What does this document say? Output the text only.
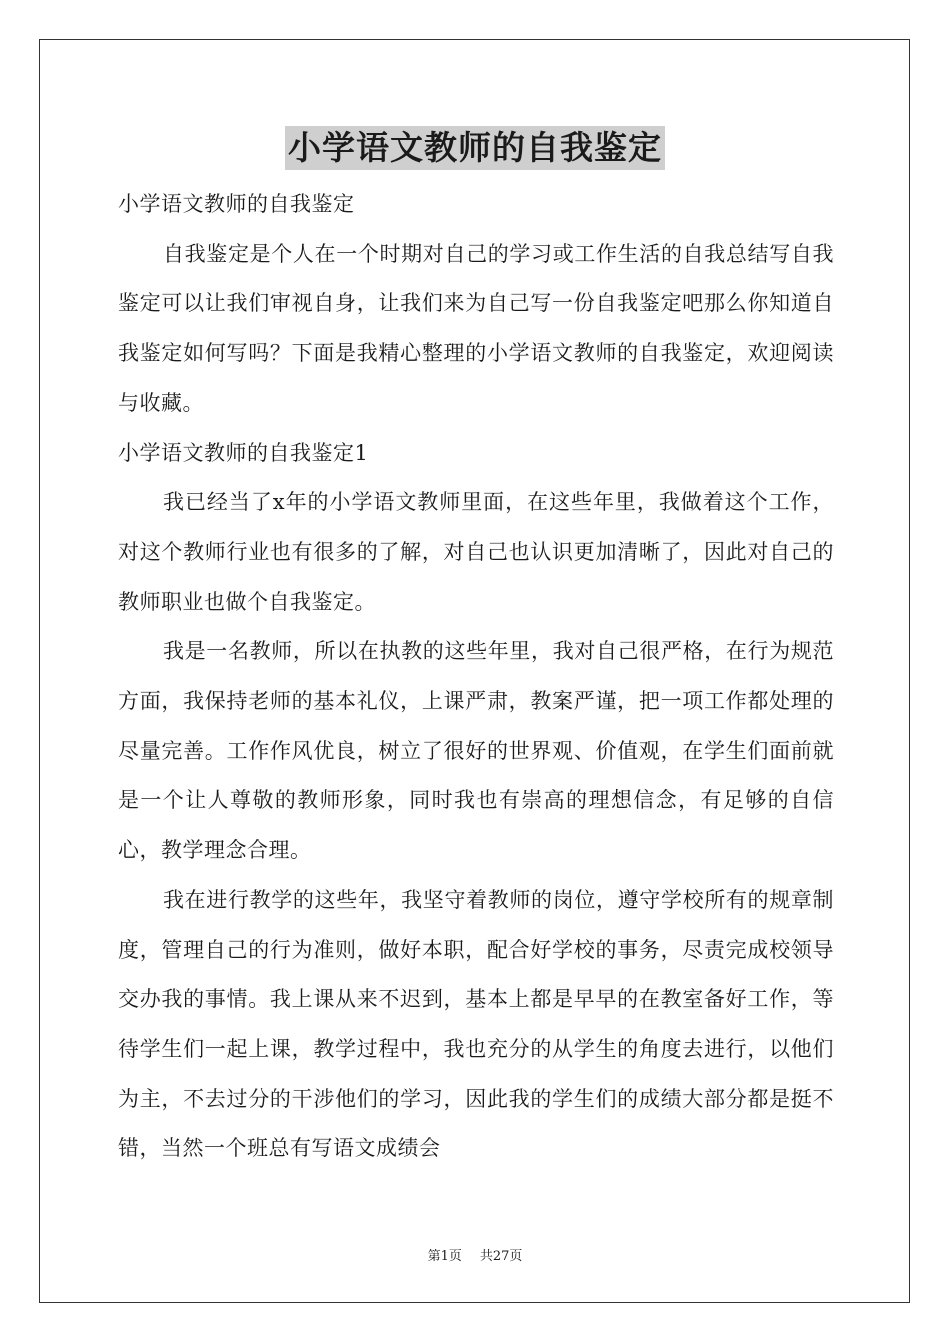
小学语文教师的自我鉴定

小学语文教师的自我鉴定

自我鉴定是个人在一个时期对自己的学习或工作生活的自我总结写自我鉴定可以让我们审视自身，让我们来为自己写一份自我鉴定吧那么你知道自我鉴定如何写吗？下面是我精心整理的小学语文教师的自我鉴定，欢迎阅读与收藏。

小学语文教师的自我鉴定1

我已经当了x年的小学语文教师里面，在这些年里，我做着这个工作，对这个教师行业也有很多的了解，对自己也认识更加清晰了，因此对自己的教师职业也做个自我鉴定。

我是一名教师，所以在执教的这些年里，我对自己很严格，在行为规范方面，我保持老师的基本礼仪，上课严肃，教案严谨，把一项工作都处理的尽量完善。工作作风优良，树立了很好的世界观、价值观，在学生们面前就是一个让人尊敬的教师形象，同时我也有崇高的理想信念，有足够的自信心，教学理念合理。

我在进行教学的这些年，我坚守着教师的岗位，遵守学校所有的规章制度，管理自己的行为准则，做好本职，配合好学校的事务，尽责完成校领导交办我的事情。我上课从来不迟到，基本上都是早早的在教室备好工作，等待学生们一起上课，教学过程中，我也充分的从学生的角度去进行，以他们为主，不去过分的干涉他们的学习，因此我的学生们的成绩大部分都是挺不错，当然一个班总有写语文成绩会

第1页 共27页
